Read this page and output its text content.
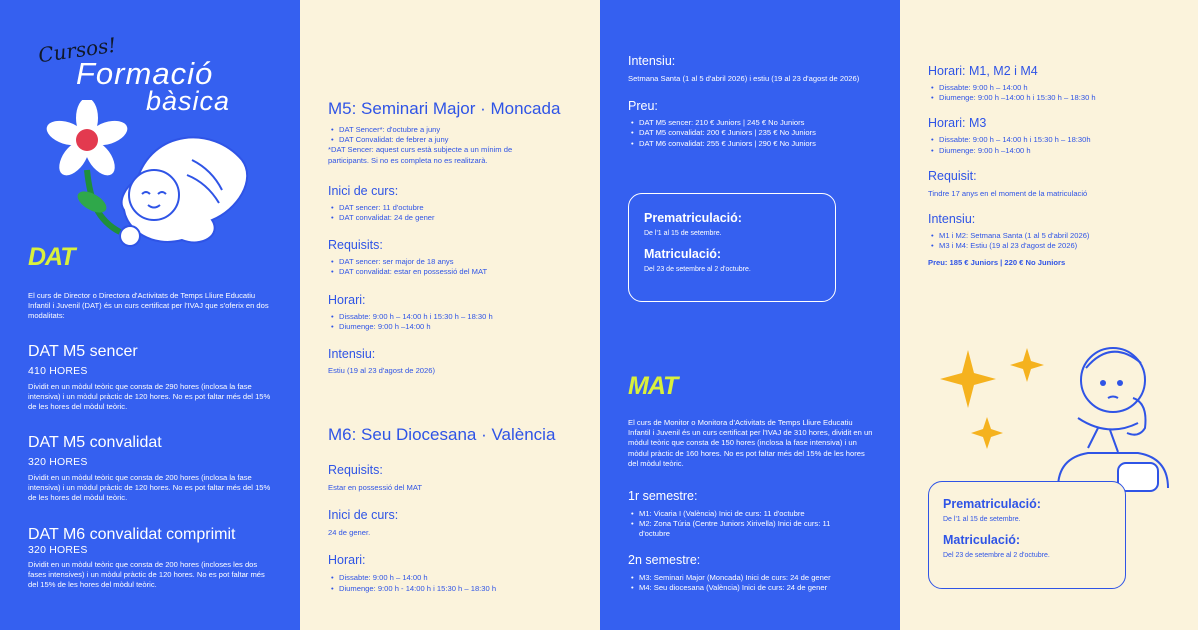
Cursos!
Formació
bàsica
DAT

El curs de Director o Directora d'Activitats de Temps Lliure Educatiu Infantil i Juvenil (DAT) és un curs certificat per l'IVAJ que s'oferix en dos modalitats:

DAT M5 sencer
410 HORES

Dividit en un mòdul teòric que consta de 290 hores (inclosa la fase intensiva) i un mòdul pràctic de 120 hores. No es pot faltar més del 15% de les hores del mòdul teòric.

DAT M5 convalidat
320 HORES

Dividit en un mòdul teòric que consta de 200 hores (inclosa la fase intensiva) i un mòdul pràctic de 120 hores. No es pot faltar més del 15% de les hores del mòdul teòric.

DAT M6 convalidat comprimit
320 HORES

Dividit en un mòdul teòric que consta de 200 hores (incloses les dos fases intensives) i un mòdul pràctic de 120 hores. No es pot faltar més del 15% de les hores del mòdul teòric.

M5: Seminari Major · Moncada
• DAT Sencer*: d'octubre a juny
• DAT Convalidat: de febrer a juny

*DAT Sencer: aquest curs està subjecte a un mínim de participants. Si no es completa no es realitzarà.

Inici de curs:
• DAT sencer: 11 d'octubre
• DAT convalidat: 24 de gener
Requisits:
• DAT sencer: ser major de 18 anys
• DAT convalidat: estar en possessió del MAT
Horari:
• Dissabte: 9:00 h – 14:00 h i 15:30 h – 18:30 h
• Diumenge: 9:00 h –14:00 h
Intensiu:

Estiu (19 al 23 d'agost de 2026)

M6: Seu Diocesana · València
Requisits:

Estar en possessió del MAT

Inici de curs:

24 de gener.

Horari:
• Dissabte: 9:00 h – 14:00 h
• Diumenge: 9:00 h - 14:00 h i 15:30 h – 18:30 h
Intensiu:

Setmana Santa (1 al 5 d'abril 2026) i estiu (19 al 23 d'agost de 2026)

Preu:
• DAT M5 sencer: 210 € Juniors | 245 € No Juniors
• DAT M5 convalidat: 200 € Juniors | 235 € No Juniors
• DAT M6 convalidat: 255 € Juniors | 290 € No Juniors
Prematriculació:
De l'1 al 15 de setembre.
Matriculació:
Del 23 de setembre al 2 d'octubre.
MAT

El curs de Monitor o Monitora d'Activitats de Temps Lliure Educatiu Infantil i Juvenil és un curs certificat per l'IVAJ de 310 hores, dividit en un mòdul teòric que consta de 150 hores (inclosa la fase intensiva) i un mòdul pràctic de 160 hores. No es pot faltar més del 15% de les hores del mòdul teòric.

1r semestre:
• M1: Vicaria I (València) Inici de curs: 11 d'octubre
• M2: Zona Túria (Centre Juniors Xirivella) Inici de curs: 11 d'octubre
2n semestre:
• M3: Seminari Major (Moncada) Inici de curs: 24 de gener
• M4: Seu diocesana (València) Inici de curs: 24 de gener
Horari: M1, M2 i M4
• Dissabte: 9:00 h – 14:00 h
• Diumenge: 9:00 h –14:00 h i 15:30 h – 18:30 h
Horari: M3
• Dissabte: 9:00 h – 14:00 h i 15:30 h – 18:30h
• Diumenge: 9:00 h –14:00 h
Requisit:

Tindre 17 anys en el moment de la matriculació

Intensiu:
• M1 i M2: Setmana Santa (1 al 5 d'abril 2026)
• M3 i M4: Estiu (19 al 23 d'agost de 2026)

Preu: 185 € Juniors | 220 € No Juniors

Prematriculació:
De l'1 al 15 de setembre.
Matriculació:
Del 23 de setembre al 2 d'octubre.
